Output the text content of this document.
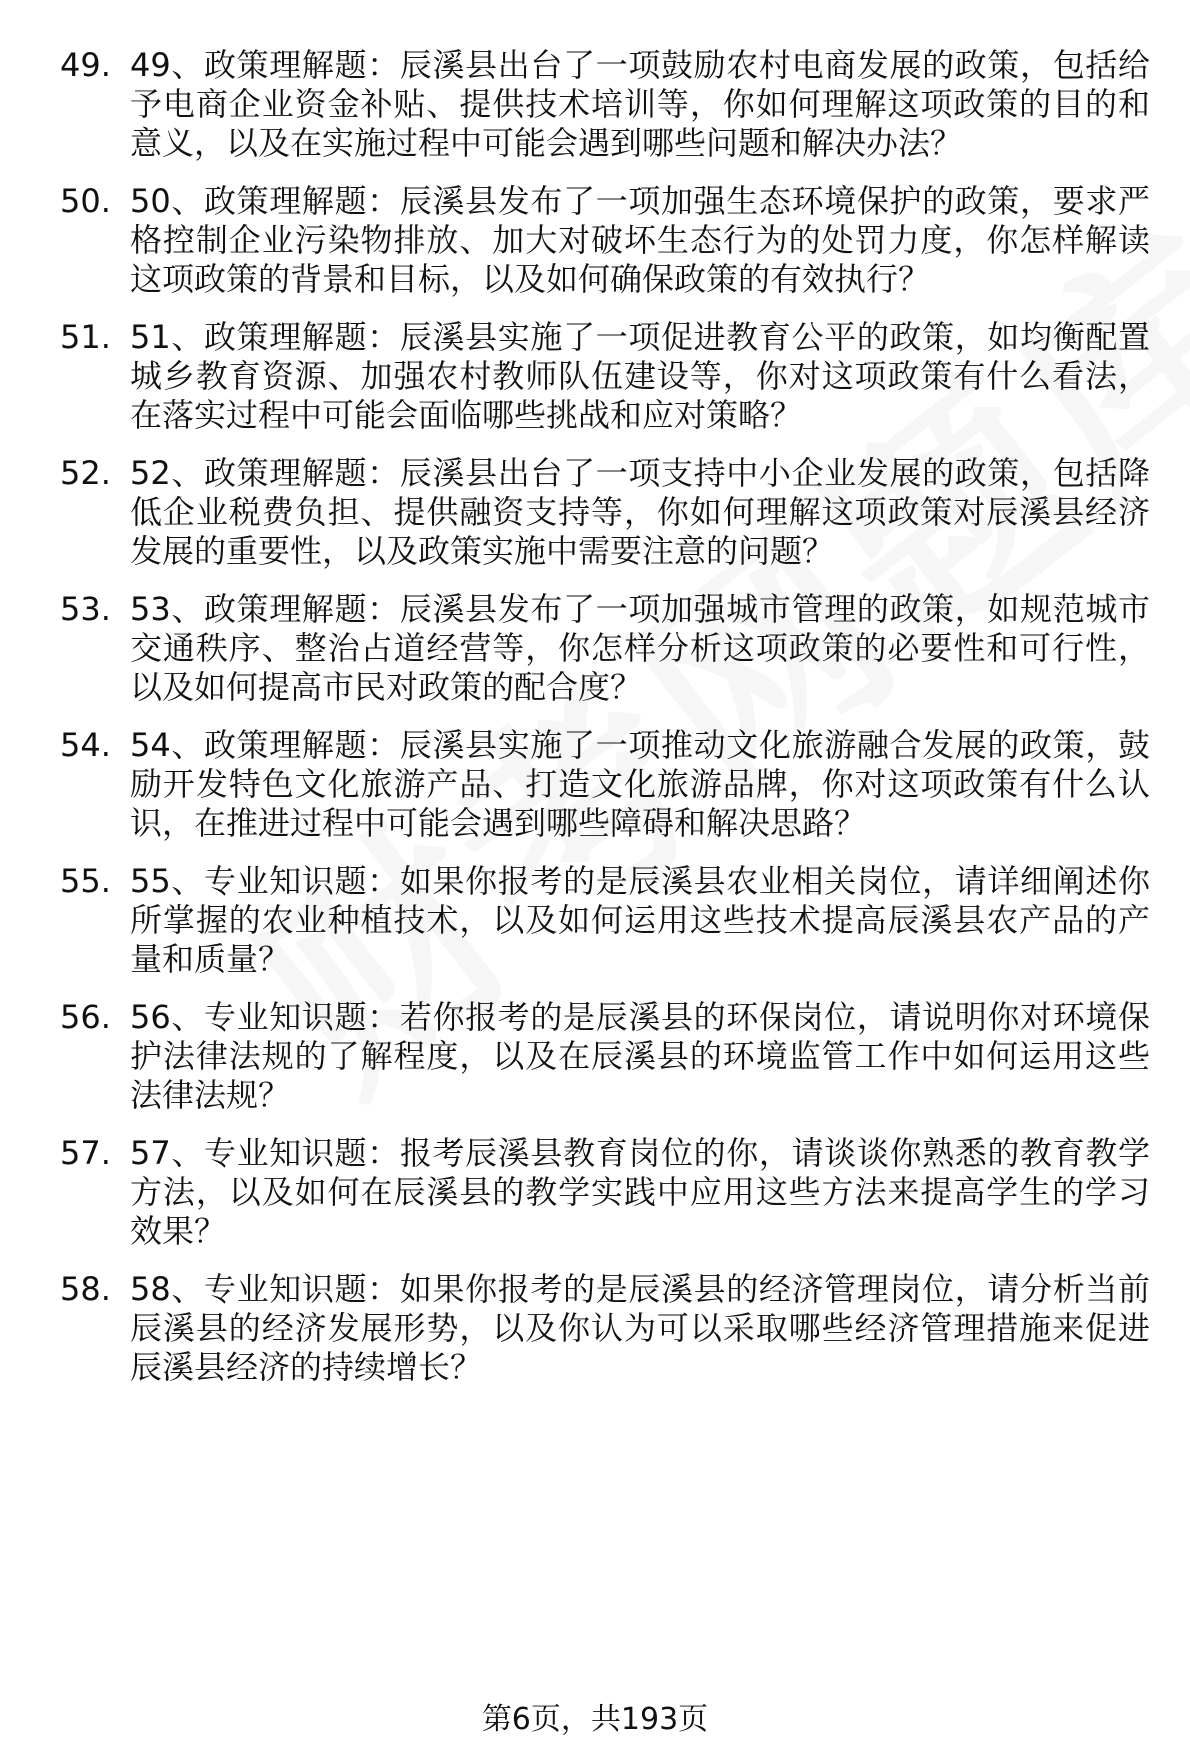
49. 49、政策理解题：辰溪县出台了一项鼓励农村电商发展的政策，包括给予电商企业资金补贴、提供技术培训等，你如何理解这项政策的目的和意义，以及在实施过程中可能会遇到哪些问题和解决办法？
50. 50、政策理解题：辰溪县发布了一项加强生态环境保护的政策，要求严格控制企业污染物排放、加大对破坏生态行为的处罚力度，你怎样解读这项政策的背景和目标，以及如何确保政策的有效执行？
51. 51、政策理解题：辰溪县实施了一项促进教育公平的政策，如均衡配置城乡教育资源、加强农村教师队伍建设等，你对这项政策有什么看法，在落实过程中可能会面临哪些挑战和应对策略？
52. 52、政策理解题：辰溪县出台了一项支持中小企业发展的政策，包括降低企业税费负担、提供融资支持等，你如何理解这项政策对辰溪县经济发展的重要性，以及政策实施中需要注意的问题？
53. 53、政策理解题：辰溪县发布了一项加强城市管理的政策，如规范城市交通秩序、整治占道经营等，你怎样分析这项政策的必要性和可行性，以及如何提高市民对政策的配合度？
54. 54、政策理解题：辰溪县实施了一项推动文化旅游融合发展的政策，鼓励开发特色文化旅游产品、打造文化旅游品牌，你对这项政策有什么认识，在推进过程中可能会遇到哪些障碍和解决思路？
55. 55、专业知识题：如果你报考的是辰溪县农业相关岗位，请详细阐述你所掌握的农业种植技术，以及如何运用这些技术提高辰溪县农产品的产量和质量？
56. 56、专业知识题：若你报考的是辰溪县的环保岗位，请说明你对环境保护法律法规的了解程度，以及在辰溪县的环境监管工作中如何运用这些法律法规？
57. 57、专业知识题：报考辰溪县教育岗位的你，请谈谈你熟悉的教育教学方法，以及如何在辰溪县的教学实践中应用这些方法来提高学生的学习效果？
58. 58、专业知识题：如果你报考的是辰溪县的经济管理岗位，请分析当前辰溪县的经济发展形势，以及你认为可以采取哪些经济管理措施来促进辰溪县经济的持续增长？
第6页，共193页
